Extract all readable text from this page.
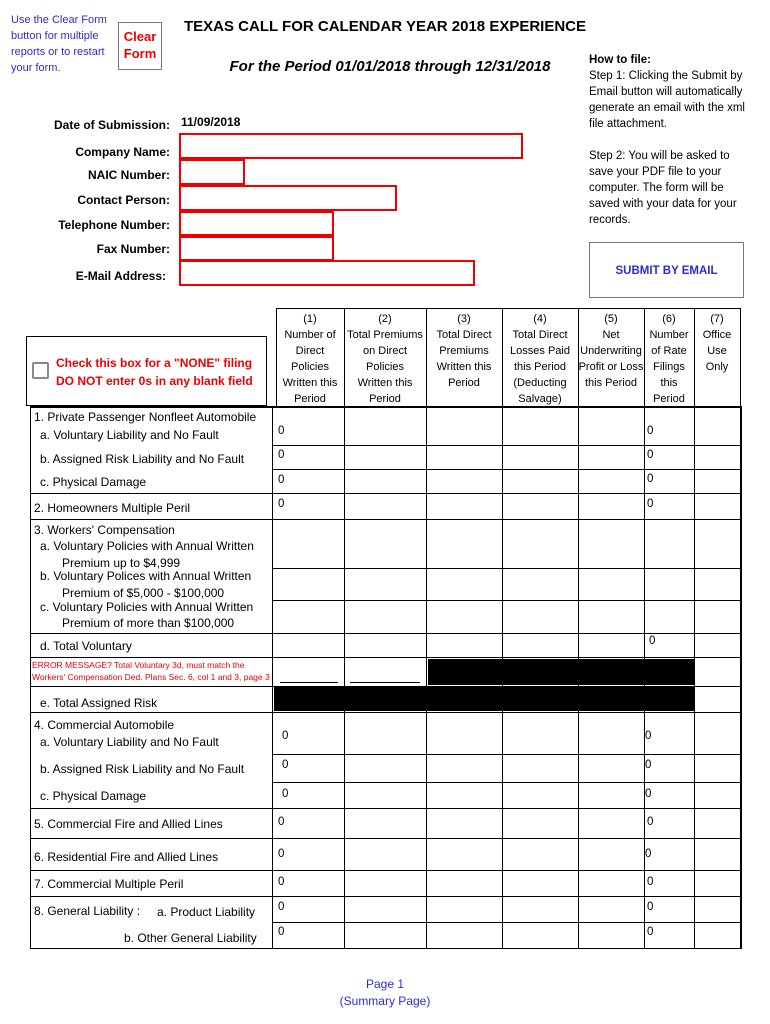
Use the Clear Form
button for multiple
reports or to restart
your form.
Clear
Form
TEXAS CALL FOR CALENDAR YEAR 2018 EXPERIENCE
For the Period 01/01/2018 through 12/31/2018	How to file:
Step 1: Clicking the Submit by Email button will automatically generate an email with the xml file attachment.
Step 2: You will be asked to save your PDF file to your computer. The form will be saved with your data for your records.
SUBMIT BY EMAIL
Date of Submission: 11/09/2018
Company Name:
NAIC Number:
Contact Person:
Telephone Number:
Fax Number:
E-Mail Address:
(1)
Number of
Direct
Policies
Written this
Period
(2)
Total Premiums
on Direct
Policies
Written this
Period
(3)
Total Direct
Premiums
Written this
Period
(4)
Total Direct
Losses Paid
this Period
(Deducting
Salvage)
(5)
Net
Underwriting
Profit or Loss
this Period
(6)
Number
of Rate
Filings
this
Period
(7)
Office
Use
Only
Check this box for a "NONE" filing
DO NOT enter 0s in any blank field
1. Private Passenger Nonfleet Automobile
a. Voluntary Liability and No Fault
b. Assigned Risk Liability and No Fault
c. Physical Damage
2. Homeowners Multiple Peril
3. Workers' Compensation
a. Voluntary Policies with Annual Written
Premium up to $4,999
b. Voluntary Polices with Annual Written
Premium of $5,000 - $100,000
c. Voluntary Policies with Annual Written
Premium of more than $100,000
d. Total Voluntary
ERROR MESSAGE? Total Voluntary 3d, must match the Workers' Compensation Ded. Plans Sec. 6, col 1 and 3, page 3
e. Total Assigned Risk
4. Commercial Automobile
a. Voluntary Liability and No Fault
b. Assigned Risk Liability and No Fault
c. Physical Damage
5. Commercial Fire and Allied Lines
6. Residential Fire and Allied Lines
7. Commercial Multiple Peril
8. General Liability : a. Product Liability
b. Other General Liability
0
0
0
0
0
0
0
0
0
0
0
0
0
0
0
0
0
0
0
0
0
0
0
0
0
Page 1
(Summary Page)
